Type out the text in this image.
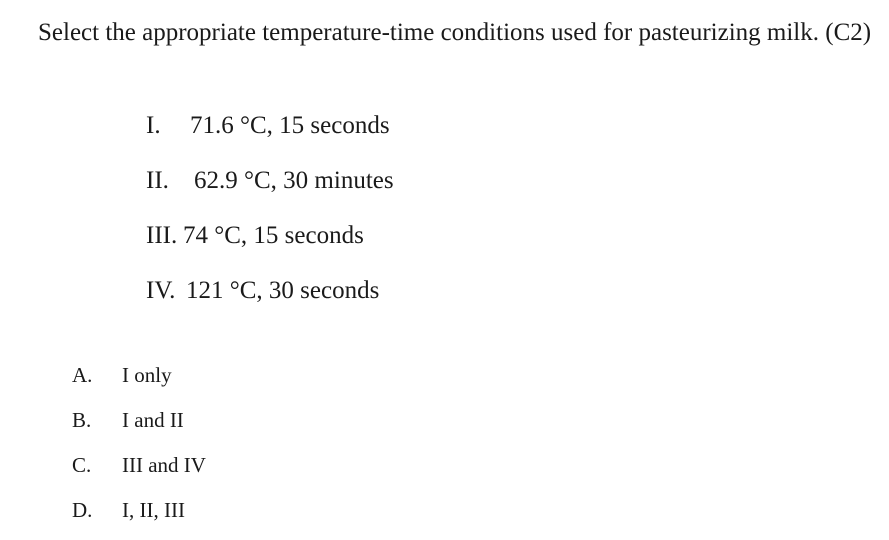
Select the appropriate temperature-time conditions used for pasteurizing milk. (C2)

I.	71.6 °C, 15 seconds
II.	62.9 °C, 30 minutes
III. 74 °C, 15 seconds
IV. 121 °C, 30 seconds
A.	I only
B.	I and II
C.	III and IV
D.	I, II, III
